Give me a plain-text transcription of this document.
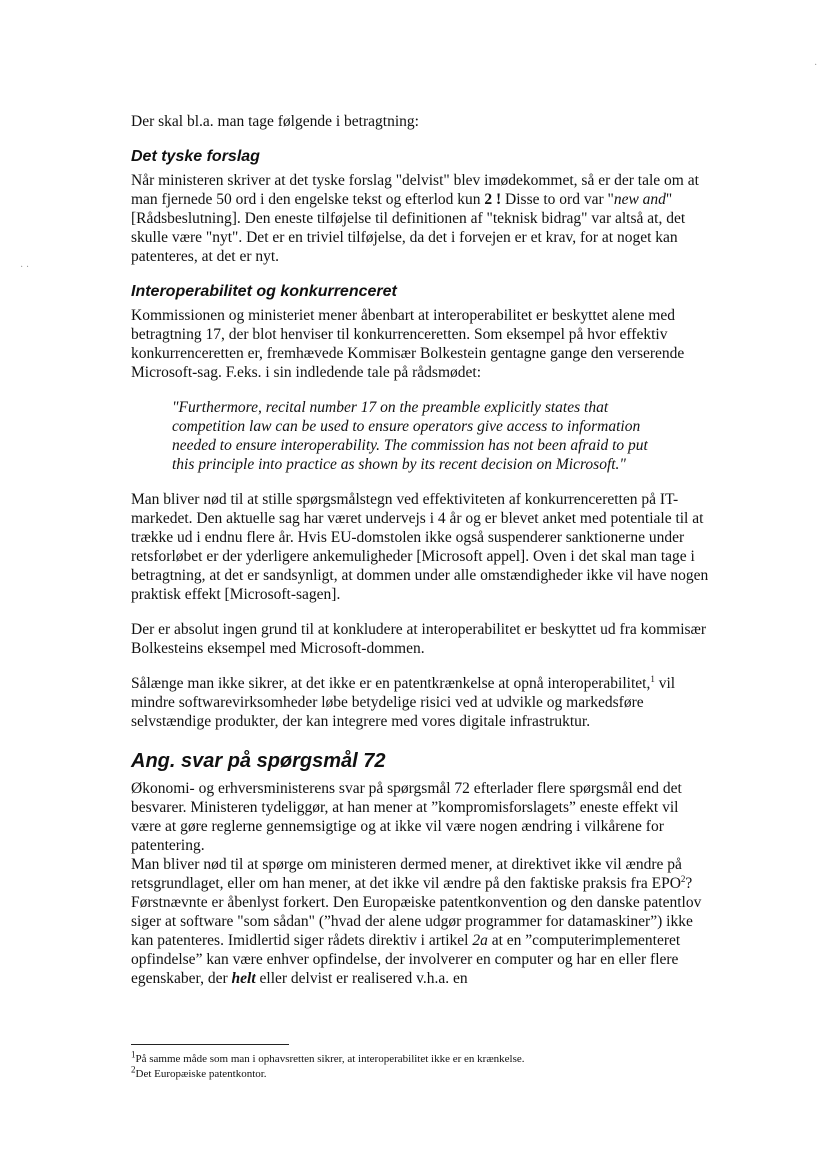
· ·
·

Der skal bl.a. man tage følgende i betragtning:

Det tyske forslag

Når ministeren skriver at det tyske forslag "delvist" blev imødekommet, så er der tale om at man fjernede 50 ord i den engelske tekst og efterlod kun 2 ! Disse to ord var "new and" [Rådsbeslutning]. Den eneste tilføjelse til definitionen af "teknisk bidrag" var altså at, det skulle være "nyt". Det er en triviel tilføjelse, da det i forvejen er et krav, for at noget kan patenteres, at det er nyt.

Interoperabilitet og konkurrenceret

Kommissionen og ministeriet mener åbenbart at interoperabilitet er beskyttet alene med betragtning 17, der blot henviser til konkurrenceretten. Som eksempel på hvor effektiv konkurrenceretten er, fremhævede Kommisær Bolkestein gentagne gange den verserende Microsoft-sag. F.eks. i sin indledende tale på rådsmødet:

"Furthermore, recital number 17 on the preamble explicitly states that competition law can be used to ensure operators give access to information needed to ensure interoperability. The commission has not been afraid to put this principle into practice as shown by its recent decision on Microsoft."

Man bliver nød til at stille spørgsmålstegn ved effektiviteten af konkurrenceretten på IT-markedet. Den aktuelle sag har været undervejs i 4 år og er blevet anket med potentiale til at trække ud i endnu flere år. Hvis EU-domstolen ikke også suspenderer sanktionerne under retsforløbet er der yderligere ankemuligheder [Microsoft appel]. Oven i det skal man tage i betragtning, at det er sandsynligt, at dommen under alle omstændigheder ikke vil have nogen praktisk effekt [Microsoft-sagen].

Der er absolut ingen grund til at konkludere at interoperabilitet er beskyttet ud fra kommisær Bolkesteins eksempel med Microsoft-dommen.

Sålænge man ikke sikrer, at det ikke er en patentkrænkelse at opnå interoperabilitet,$^1$ vil mindre softwarevirksomheder løbe betydelige risici ved at udvikle og markedsføre selvstændige produkter, der kan integrere med vores digitale infrastruktur.

Ang. svar på spørgsmål 72

Økonomi- og erhversministerens svar på spørgsmål 72 efterlader flere spørgsmål end det besvarer. Ministeren tydeliggør, at han mener at ”kompromisforslagets” eneste effekt vil være at gøre reglerne gennemsigtige og at ikke vil være nogen ændring i vilkårene for patentering.

Man bliver nød til at spørge om ministeren dermed mener, at direktivet ikke vil ændre på retsgrundlaget, eller om han mener, at det ikke vil ændre på den faktiske praksis fra EPO$^2$?

Førstnævnte er åbenlyst forkert. Den Europæiske patentkonvention og den danske patentlov siger at software "som sådan" (”hvad der alene udgør programmer for datamaskiner”) ikke kan patenteres. Imidlertid siger rådets direktiv i artikel 2a at en ”computerimplementeret opfindelse” kan være enhver opfindelse, der involverer en computer og har en eller flere egenskaber, der helt eller delvist er realisered v.h.a. en

$^1$På samme måde som man i ophavsretten sikrer, at interoperabilitet ikke er en krænkelse.
$^2$Det Europæiske patentkontor.
